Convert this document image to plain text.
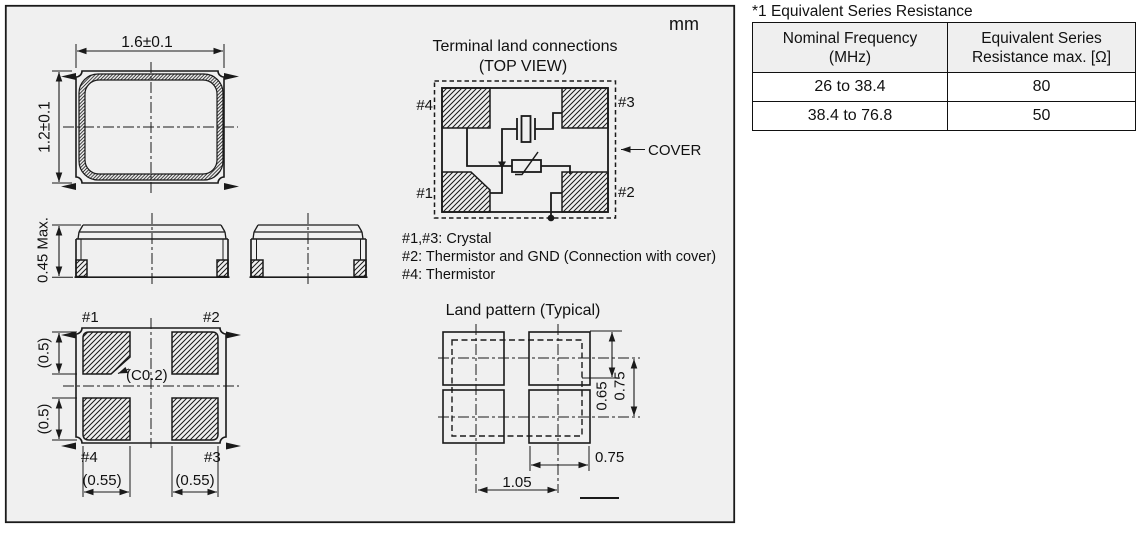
mm
1.6±0.1
1.2±0.1
0.45 Max.
#1	#2
#4	#3
(C0.2)
(0.5)
(0.5)
(0.55)	(0.55)
Terminal land connections
(TOP VIEW)
#4	#3
#1	#2
COVER
#1,#3: Crystal
#2: Thermistor and GND (Connection with cover)
#4: Thermistor
Land pattern (Typical)
0.65 0.75
0.75
1.05
*1 Equivalent Series Resistance
Nominal Frequency
(MHz)	Equivalent Series
Resistance max. [Ω]
26 to 38.4	80
38.4 to 76.8	50
